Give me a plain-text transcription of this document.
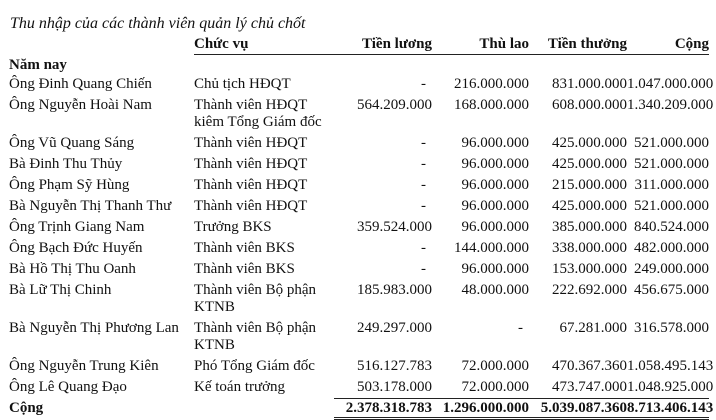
Thu nhập của các thành viên quản lý chủ chốt
	Chức vụ	Tiền lương	Thù lao	Tiền thưởng	Cộng
Năm nay					
Ông Đinh Quang Chiến	Chủ tịch HĐQT	-	216.000.000	831.000.000	1.047.000.000
Ông Nguyễn Hoài Nam	Thành viên HĐQT
kiêm Tổng Giám đốc	564.209.000	168.000.000	608.000.000	1.340.209.000
Ông Vũ Quang Sáng	Thành viên HĐQT	-	96.000.000	425.000.000	521.000.000
Bà Đinh Thu Thủy	Thành viên HĐQT	-	96.000.000	425.000.000	521.000.000
Ông Phạm Sỹ Hùng	Thành viên HĐQT	-	96.000.000	215.000.000	311.000.000
Bà Nguyễn Thị Thanh Thư	Thành viên HĐQT	-	96.000.000	425.000.000	521.000.000
Ông Trịnh Giang Nam	Trưởng BKS	359.524.000	96.000.000	385.000.000	840.524.000
Ông Bạch Đức Huyến	Thành viên BKS	-	144.000.000	338.000.000	482.000.000
Bà Hồ Thị Thu Oanh	Thành viên BKS	-	96.000.000	153.000.000	249.000.000
Bà Lữ Thị Chinh	Thành viên Bộ phận
KTNB	185.983.000	48.000.000	222.692.000	456.675.000
Bà Nguyễn Thị Phương Lan	Thành viên Bộ phận
KTNB	249.297.000	-	67.281.000	316.578.000
Ông Nguyễn Trung Kiên	Phó Tổng Giám đốc	516.127.783	72.000.000	470.367.360	1.058.495.143
Ông Lê Quang Đạo	Kế toán trưởng	503.178.000	72.000.000	473.747.000	1.048.925.000
Cộng		2.378.318.783	1.296.000.000	5.039.087.360	8.713.406.143
